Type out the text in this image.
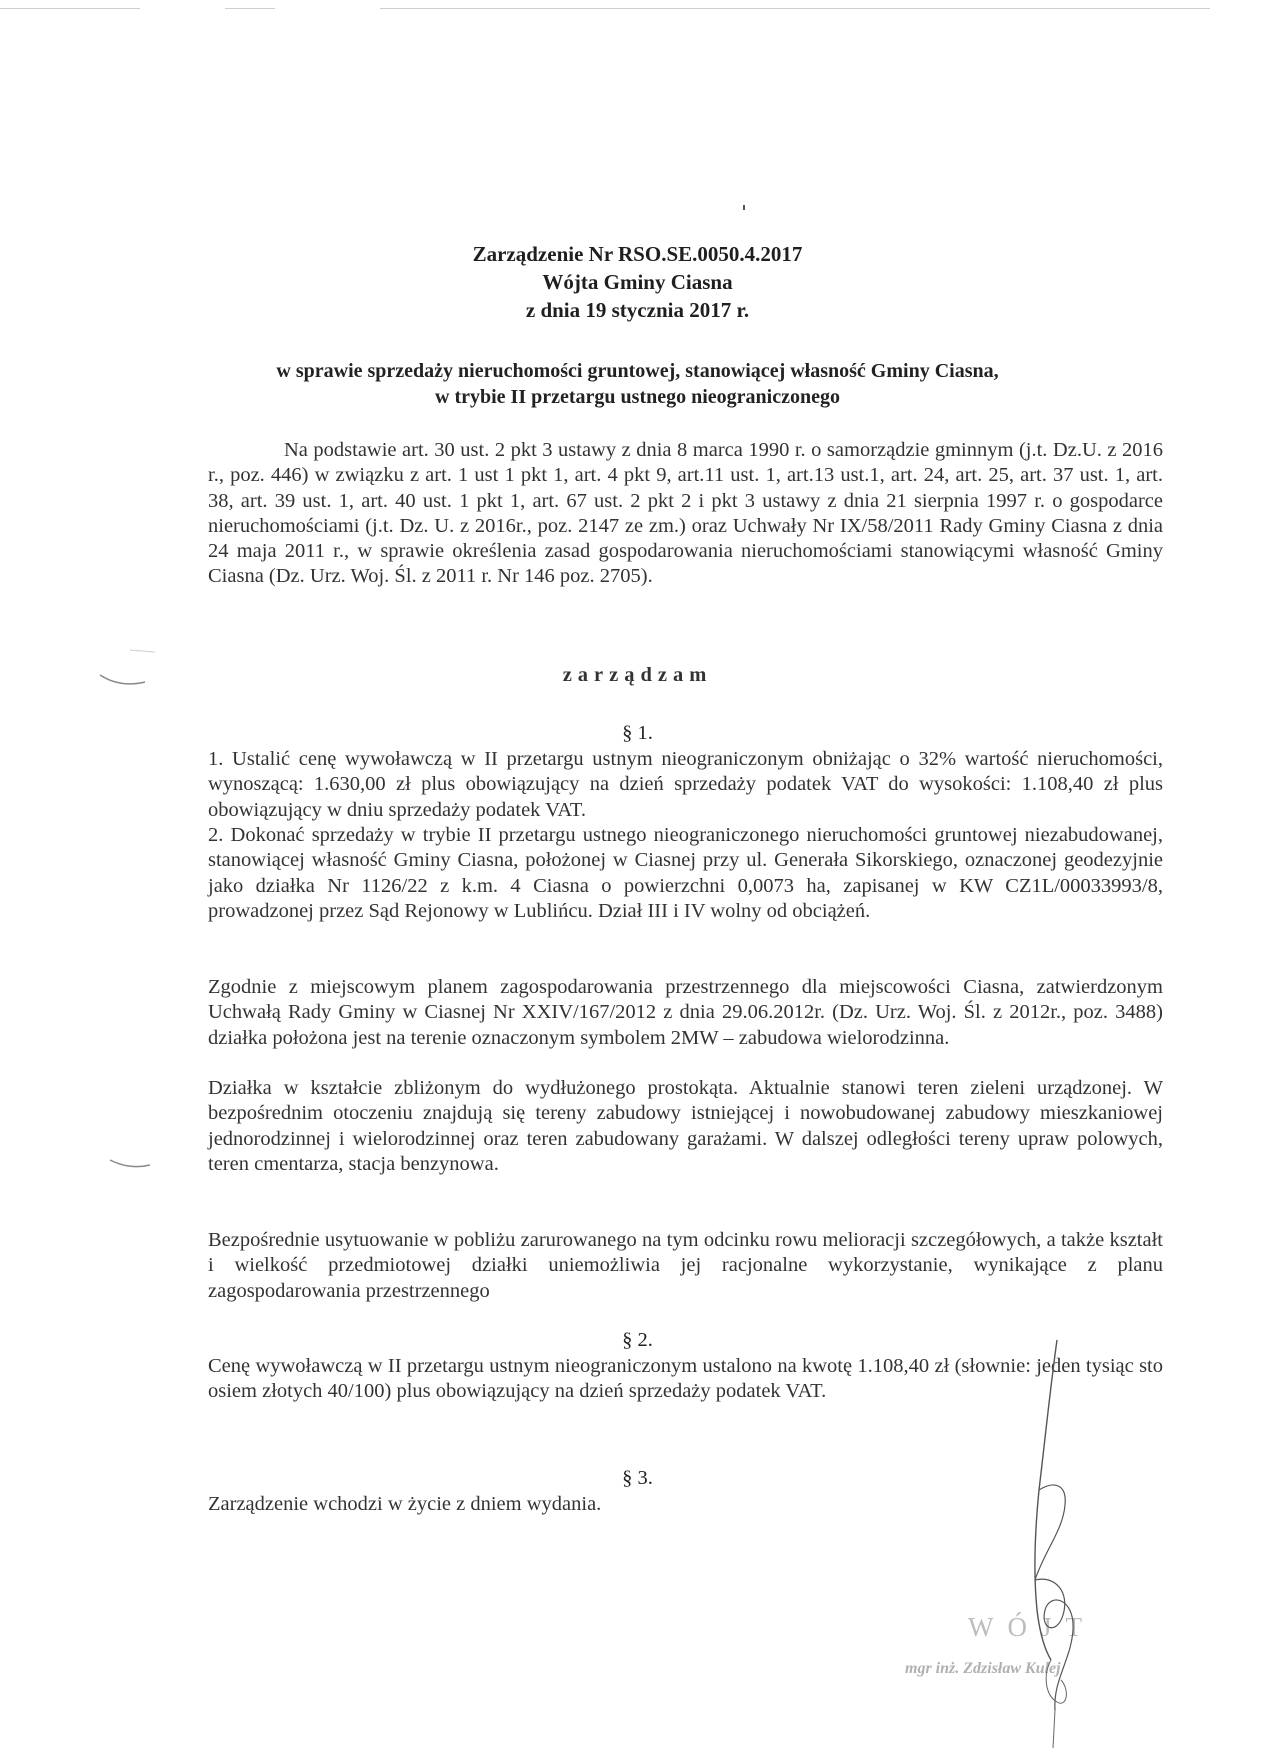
Zarządzenie Nr RSO.SE.0050.4.2017
Wójta Gminy Ciasna
z dnia 19 stycznia 2017 r.
w sprawie sprzedaży nieruchomości gruntowej, stanowiącej własność Gminy Ciasna,
w trybie II przetargu ustnego nieograniczonego
Na podstawie art. 30 ust. 2 pkt 3 ustawy z dnia 8 marca 1990 r. o samorządzie gminnym (j.t. Dz.U. z 2016 r., poz. 446) w związku z art. 1 ust 1 pkt 1, art. 4 pkt 9, art.11 ust. 1, art.13 ust.1, art. 24, art. 25, art. 37 ust. 1, art. 38, art. 39 ust. 1, art. 40 ust. 1 pkt 1, art. 67 ust. 2 pkt 2 i pkt 3 ustawy z dnia 21 sierpnia 1997 r. o gospodarce nieruchomościami (j.t. Dz. U. z 2016r., poz. 2147 ze zm.) oraz Uchwały Nr IX/58/2011 Rady Gminy Ciasna z dnia 24 maja 2011 r., w sprawie określenia zasad gospodarowania nieruchomościami stanowiącymi własność Gminy Ciasna (Dz. Urz. Woj. Śl. z 2011 r. Nr 146 poz. 2705).
zarządzam
§ 1.
1. Ustalić cenę wywoławczą w II przetargu ustnym nieograniczonym obniżając o 32% wartość nieruchomości, wynoszącą: 1.630,00 zł plus obowiązujący na dzień sprzedaży podatek VAT do wysokości: 1.108,40 zł plus obowiązujący w dniu sprzedaży podatek VAT.
2. Dokonać sprzedaży w trybie II przetargu ustnego nieograniczonego nieruchomości gruntowej niezabudowanej, stanowiącej własność Gminy Ciasna, położonej w Ciasnej przy ul. Generała Sikorskiego, oznaczonej geodezyjnie jako działka Nr 1126/22 z k.m. 4 Ciasna o powierzchni 0,0073 ha, zapisanej w KW CZ1L/00033993/8, prowadzonej przez Sąd Rejonowy w Lublińcu. Dział III i IV wolny od obciążeń.
Zgodnie z miejscowym planem zagospodarowania przestrzennego dla miejscowości Ciasna, zatwierdzonym Uchwałą Rady Gminy w Ciasnej Nr XXIV/167/2012 z dnia 29.06.2012r. (Dz. Urz. Woj. Śl. z 2012r., poz. 3488) działka położona jest na terenie oznaczonym symbolem 2MW – zabudowa wielorodzinna.
Działka w kształcie zbliżonym do wydłużonego prostokąta. Aktualnie stanowi teren zieleni urządzonej. W bezpośrednim otoczeniu znajdują się tereny zabudowy istniejącej i nowobudowanej zabudowy mieszkaniowej jednorodzinnej i wielorodzinnej oraz teren zabudowany garażami. W dalszej odległości tereny upraw polowych, teren cmentarza, stacja benzynowa.
Bezpośrednie usytuowanie w pobliżu zarurowanego na tym odcinku rowu melioracji szczegółowych, a także kształt i wielkość przedmiotowej działki uniemożliwia jej racjonalne wykorzystanie, wynikające z planu zagospodarowania przestrzennego
§ 2.
Cenę wywoławczą w II przetargu ustnym nieograniczonym ustalono na kwotę 1.108,40 zł (słownie: jeden tysiąc sto osiem złotych 40/100) plus obowiązujący na dzień sprzedaży podatek VAT.
§ 3.
Zarządzenie wchodzi w życie z dniem wydania.
WÓJT
mgr inż. Zdzisław Kulej
